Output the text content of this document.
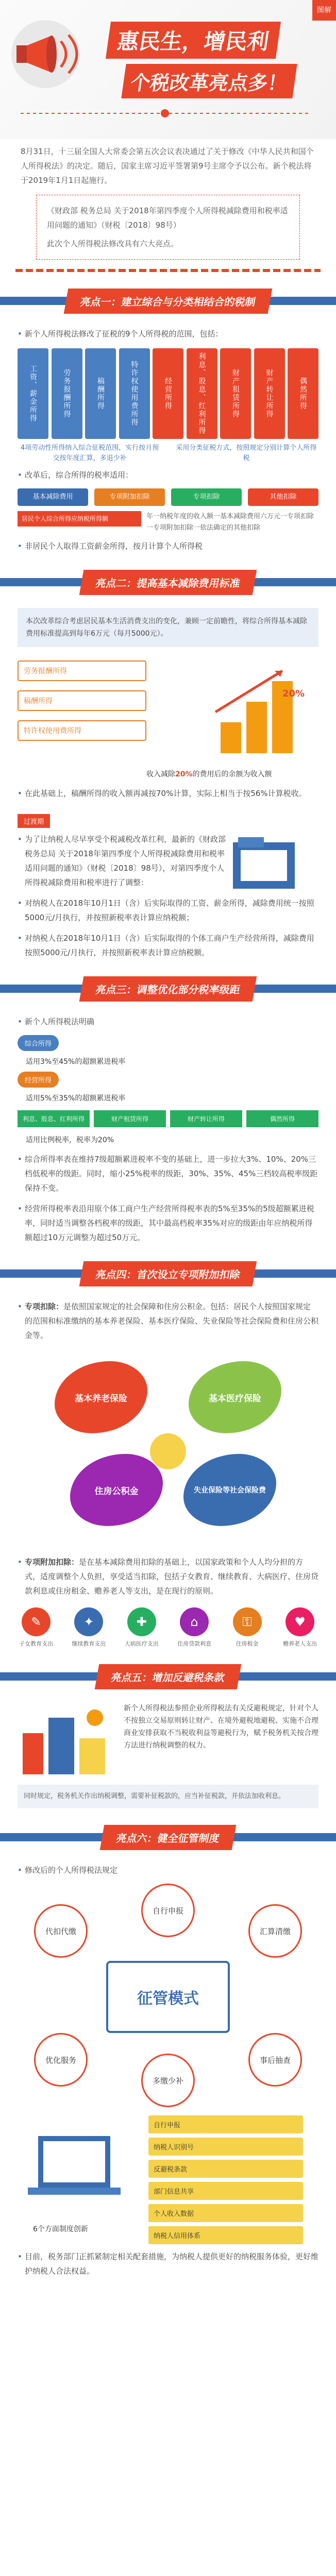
图解
惠民生，增民利
个税改革亮点多！

8月31日，十三届全国人大常委会第五次会议表决通过了关于修改《中华人民共和国个人所得税法》的决定。随后，国家主席习近平签署第9号主席令予以公布。新个税法将于2019年1月1日起施行。

《财政部 税务总局 关于2018年第四季度个人所得税减除费用和税率适用问题的通知》（财税〔2018〕98号）

此次个人所得税法修改具有六大亮点。

亮点一：建立综合与分类相结合的税制
• 新个人所得税法修改了征税的9个人所得税的范围，包括：
工资、薪金所得	劳务报酬所得	稿酬所得	特许权使用费所得	经营所得	利息、股息、红利所得	财产租赁所得	财产转让所得	偶然所得
4项劳动性所得纳入综合征税范围，实行按月预交按年度汇算，多退少补
采用分类征税方式，按照规定分别计算个人所得税
• 改革后，综合所得的税率适用：
基本减除费用	专项附加扣除	专项扣除	其他扣除
居民个人综合所得应纳税所得额	年一纳税年度的收入额一基本减除费用六万元一专项扣除一专项附加扣除一依法确定的其他扣除
• 非居民个人取得工资薪金所得，按月计算个人所得税
亮点二：提高基本减除费用标准
本次改革综合考虑居民基本生活消费支出的变化，兼顾一定前瞻性，将综合所得基本减除费用标准提高到每年6万元（每月5000元）。
劳务报酬所得
稿酬所得
特许权使用费所得
20%
收入减除20%的费用后的余额为收入额
• 在此基础上，稿酬所得的收入额再减按70%计算，实际上相当于按56%计算税收。
过渡期
• 为了让纳税人尽早享受个税减税改革红利，最新的《财政部 税务总局 关于2018年第四季度个人所得税减除费用和税率适用问题的通知》（财税〔2018〕98号），对第四季度个人所得税减除费用和税率进行了调整：
• 对纳税人在2018年10月1日（含）后实际取得的工资、薪金所得，减除费用统一按照5000元/月执行，并按照新税率表计算应纳税额；
• 对纳税人在2018年10月1日（含）后实际取得的个体工商户生产经营所得，减除费用按照5000元/月执行，并按照新税率表计算应纳税额。
亮点三：调整优化部分税率级距
• 新个人所得税法明确
综合所得
适用3%至45%的超额累进税率
经营所得
适用5%至35%的超额累进税率
利息、股息、红利所得	财产租赁所得	财产转让所得	偶然所得
适用比例税率，税率为20%
• 综合所得率表在维持7级超额累进税率不变的基础上，进一步拉大3%、10%、20%三档低税率的级距。同时，缩小25%税率的级距，30%、35%、45%三档较高税率级距保持不变。
• 经营所得税率表沿用原个体工商户生产经营所得税率表的5%至35%的5级超额累进税率，同时适当调整各档税率的级距，其中最高档税率35%对应的级距由年应纳税所得额超过10万元调整为超过50万元。
亮点四：首次设立专项附加扣除
• 专项扣除：是依照国家规定的社会保障和住房公积金。包括：居民个人按照国家规定的范围和标准缴纳的基本养老保险、基本医疗保险、失业保险等社会保险费和住房公积金等。
基本养老保险	基本医疗保险
住房公积金	失业保险等社会保险费
• 专项附加扣除：是在基本减除费用扣除的基础上，以国家政策和个人人均分担的方式，适度调整个人负担，享受适当扣除，包括子女教育、继续教育、大病医疗、住房贷款利息或住房租金、赡养老人等支出，是在现行的原则。
✎
子女教育支出
✦
继续教育支出
✚
大病医疗支出
⌂
住房贷款利息
⚿
住房租金
♥
赡养老人支出
亮点五：增加反避税条款
新个人所得税法参照企业所得税法有关反避税规定，针对个人不按独立交易原则转让财产、在境外避税地避税、实施不合理商业安排获取不当税收利益等避税行为，赋予税务机关按合理方法进行纳税调整的权力。
同时规定，税务机关作出纳税调整，需要补征税款的，应当补征税款，并依法加收利息。
亮点六：健全征管制度
• 修改后的个人所得税法规定
代扣代缴
自行申报
汇算清缴
优化服务
多缴少补
事后抽查
征管模式
6个方面制度创新
自行申报
纳税人识别号
反避税条款
部门信息共享
个人收入数据
纳税人信用体系
• 目前，税务部门正抓紧制定相关配套措施，为纳税人提供更好的纳税服务体验，更好维护纳税人合法权益。
